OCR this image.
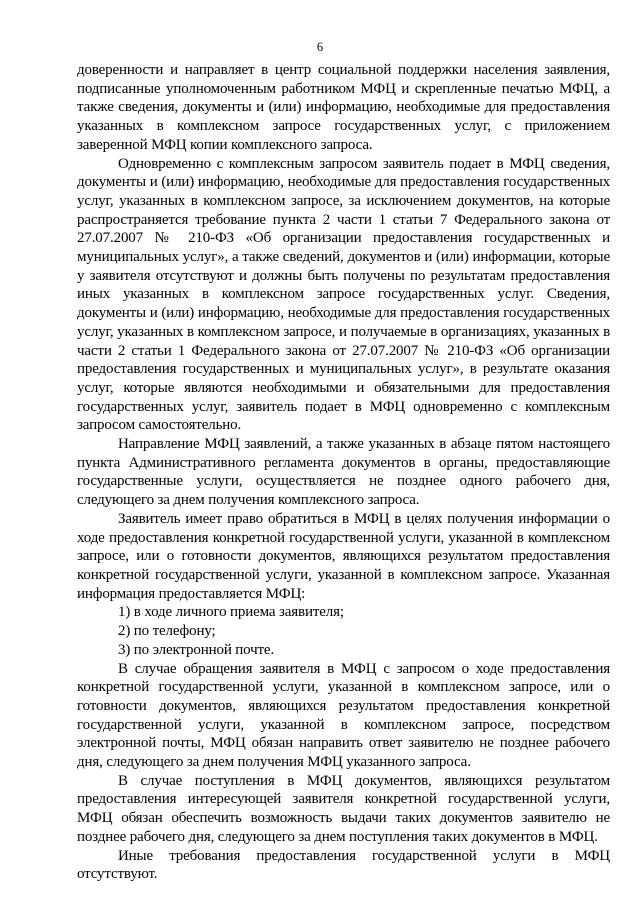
6

доверенности и направляет в центр социальной поддержки населения заявления, подписанные уполномоченным работником МФЦ и скрепленные печатью МФЦ, а также сведения, документы и (или) информацию, необходимые для предоставления указанных в комплексном запросе государственных услуг, с приложением заверенной МФЦ копии комплексного запроса.

Одновременно с комплексным запросом заявитель подает в МФЦ сведения, документы и (или) информацию, необходимые для предоставления государственных услуг, указанных в комплексном запросе, за исключением документов, на которые распространяется требование пункта 2 части 1 статьи 7 Федерального закона от 27.07.2007 № 210-ФЗ «Об организации предоставления государственных и муниципальных услуг», а также сведений, документов и (или) информации, которые у заявителя отсутствуют и должны быть получены по результатам предоставления иных указанных в комплексном запросе государственных услуг. Сведения, документы и (или) информацию, необходимые для предоставления государственных услуг, указанных в комплексном запросе, и получаемые в организациях, указанных в части 2 статьи 1 Федерального закона от 27.07.2007 № 210-ФЗ «Об организации предоставления государственных и муниципальных услуг», в результате оказания услуг, которые являются необходимыми и обязательными для предоставления государственных услуг, заявитель подает в МФЦ одновременно с комплексным запросом самостоятельно.

Направление МФЦ заявлений, а также указанных в абзаце пятом настоящего пункта Административного регламента документов в органы, предоставляющие государственные услуги, осуществляется не позднее одного рабочего дня, следующего за днем получения комплексного запроса.

Заявитель имеет право обратиться в МФЦ в целях получения информации о ходе предоставления конкретной государственной услуги, указанной в комплексном запросе, или о готовности документов, являющихся результатом предоставления конкретной государственной услуги, указанной в комплексном запросе. Указанная информация предоставляется МФЦ:

1) в ходе личного приема заявителя;

2) по телефону;

3) по электронной почте.

В случае обращения заявителя в МФЦ с запросом о ходе предоставления конкретной государственной услуги, указанной в комплексном запросе, или о готовности документов, являющихся результатом предоставления конкретной государственной услуги, указанной в комплексном запросе, посредством электронной почты, МФЦ обязан направить ответ заявителю не позднее рабочего дня, следующего за днем получения МФЦ указанного запроса.

В случае поступления в МФЦ документов, являющихся результатом предоставления интересующей заявителя конкретной государственной услуги, МФЦ обязан обеспечить возможность выдачи таких документов заявителю не позднее рабочего дня, следующего за днем поступления таких документов в МФЦ.

Иные требования предоставления государственной услуги в МФЦ отсутствуют.
